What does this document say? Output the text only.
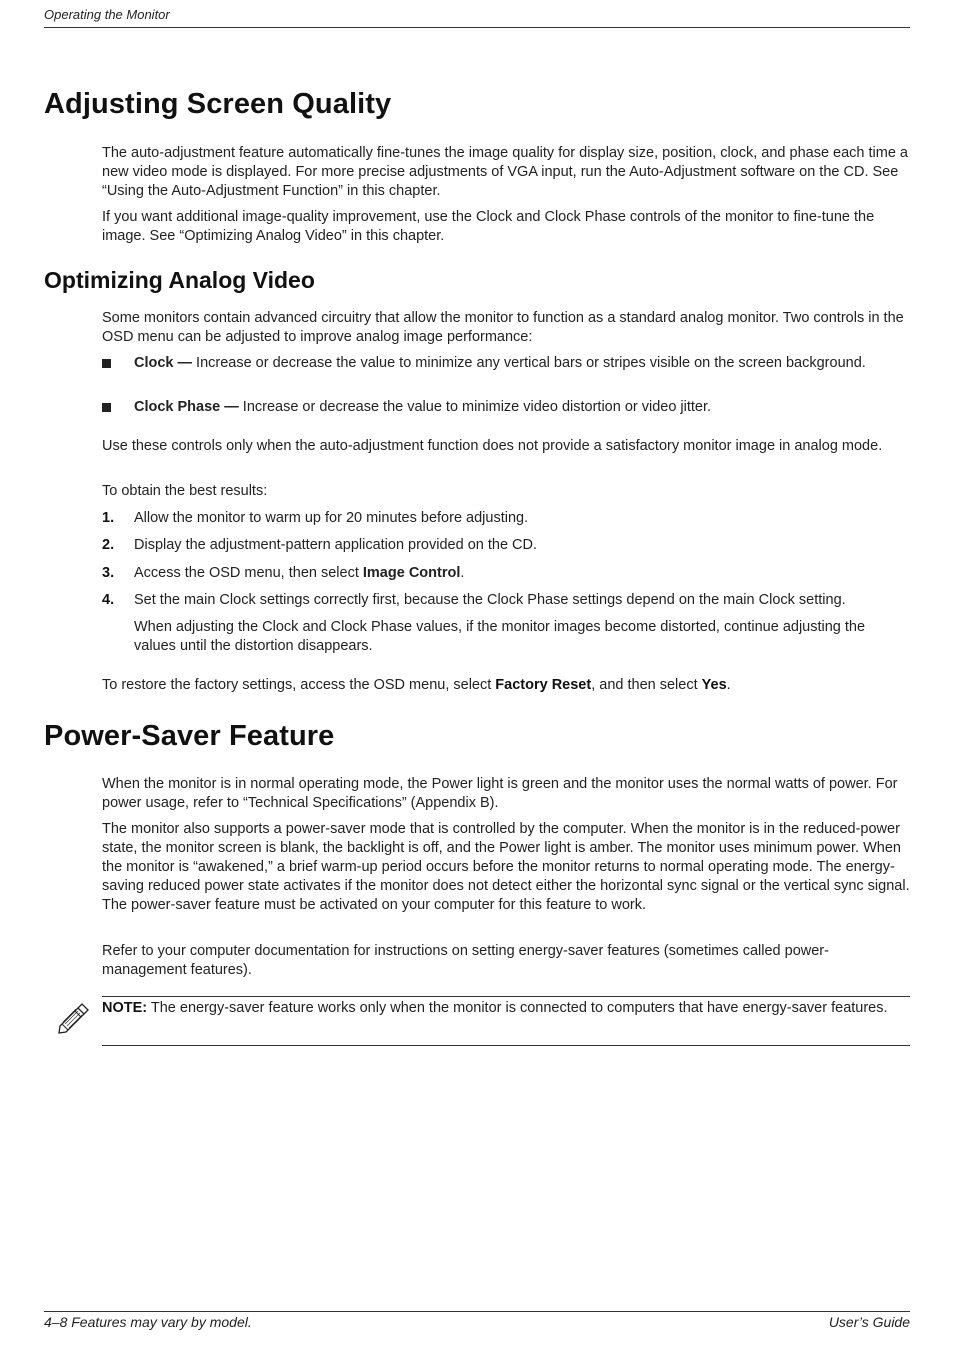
Operating the Monitor
Adjusting Screen Quality
The auto-adjustment feature automatically fine-tunes the image quality for display size, position, clock, and phase each time a new video mode is displayed. For more precise adjustments of VGA input, run the Auto-Adjustment software on the CD. See “Using the Auto-Adjustment Function” in this chapter.
If you want additional image-quality improvement, use the Clock and Clock Phase controls of the monitor to fine-tune the image. See “Optimizing Analog Video” in this chapter.
Optimizing Analog Video
Some monitors contain advanced circuitry that allow the monitor to function as a standard analog monitor. Two controls in the OSD menu can be adjusted to improve analog image performance:
Clock — Increase or decrease the value to minimize any vertical bars or stripes visible on the screen background.
Clock Phase — Increase or decrease the value to minimize video distortion or video jitter.
Use these controls only when the auto-adjustment function does not provide a satisfactory monitor image in analog mode.
To obtain the best results:
1. Allow the monitor to warm up for 20 minutes before adjusting.
2. Display the adjustment-pattern application provided on the CD.
3. Access the OSD menu, then select Image Control.
4. Set the main Clock settings correctly first, because the Clock Phase settings depend on the main Clock setting.
When adjusting the Clock and Clock Phase values, if the monitor images become distorted, continue adjusting the values until the distortion disappears.
To restore the factory settings, access the OSD menu, select Factory Reset, and then select Yes.
Power-Saver Feature
When the monitor is in normal operating mode, the Power light is green and the monitor uses the normal watts of power. For power usage, refer to “Technical Specifications” (Appendix B).
The monitor also supports a power-saver mode that is controlled by the computer. When the monitor is in the reduced-power state, the monitor screen is blank, the backlight is off, and the Power light is amber. The monitor uses minimum power. When the monitor is “awakened,” a brief warm-up period occurs before the monitor returns to normal operating mode. The energy-saving reduced power state activates if the monitor does not detect either the horizontal sync signal or the vertical sync signal. The power-saver feature must be activated on your computer for this feature to work.
Refer to your computer documentation for instructions on setting energy-saver features (sometimes called power-management features).
NOTE: The energy-saver feature works only when the monitor is connected to computers that have energy-saver features.
4–8 Features may vary by model.	User’s Guide
